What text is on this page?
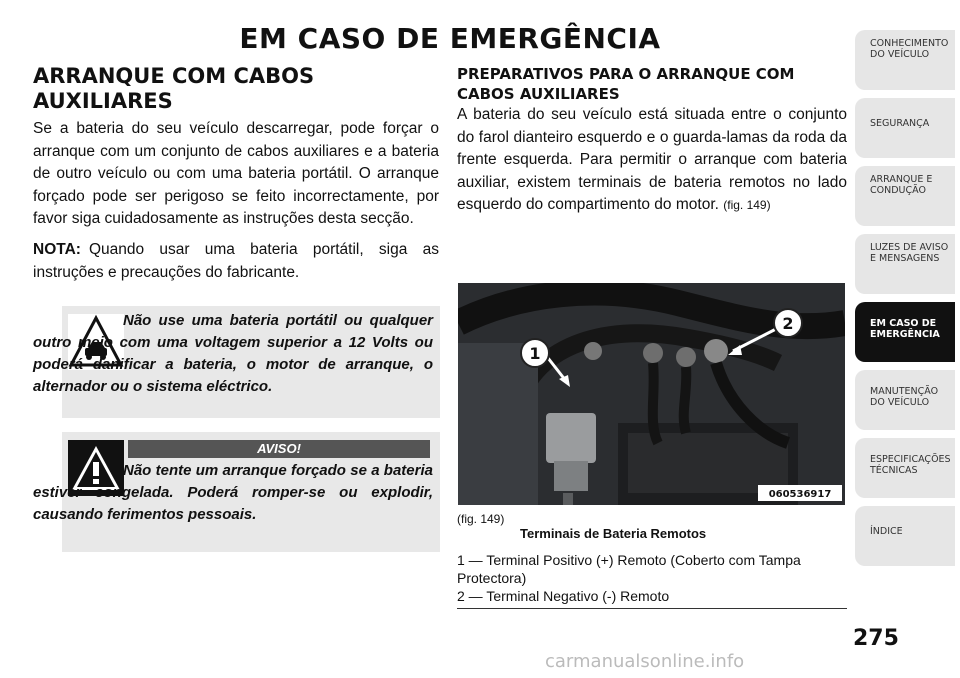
EM CASO DE EMERGÊNCIA
ARRANQUE COM CABOS AUXILIARES

Se a bateria do seu veículo descarregar, pode forçar o arranque com um conjunto de cabos auxiliares e a bateria de outro veículo ou com uma bateria portátil. O arranque forçado pode ser perigoso se feito incorrectamente, por favor siga cuidadosamente as instruções desta secção.

NOTA: Quando usar uma bateria portátil, siga as instruções e precauções do fabricante.

Não use uma bateria portátil ou qualquer outro meio com uma voltagem superior a 12 Volts ou poderá danificar a bateria, o motor de arranque, o alternador ou o sistema eléctrico.
AVISO!
Não tente um arranque forçado se a bateria estiver congelada. Poderá romper-se ou explodir, causando ferimentos pessoais.
PREPARATIVOS PARA O ARRANQUE COM CABOS AUXILIARES

A bateria do seu veículo está situada entre o conjunto do farol dianteiro esquerdo e o guarda-lamas da roda da frente esquerda. Para permitir o arranque com bateria auxiliar, existem terminais de bateria remotos no lado esquerdo do compartimento do motor. (fig. 149)

1
2
060536917
(fig. 149)
Terminais de Bateria Remotos
1 — Terminal Positivo (+) Remoto (Coberto com Tampa Protectora)
2 — Terminal Negativo (-) Remoto
CONHECIMENTO DO VEÍCULO
SEGURANÇA
ARRANQUE E CONDUÇÃO
LUZES DE AVISO E MENSAGENS
EM CASO DE EMERGÊNCIA
MANUTENÇÃO DO VEÍCULO
ESPECIFICAÇÕES TÉCNICAS
ÍNDICE
275
carmanualsonline.info
